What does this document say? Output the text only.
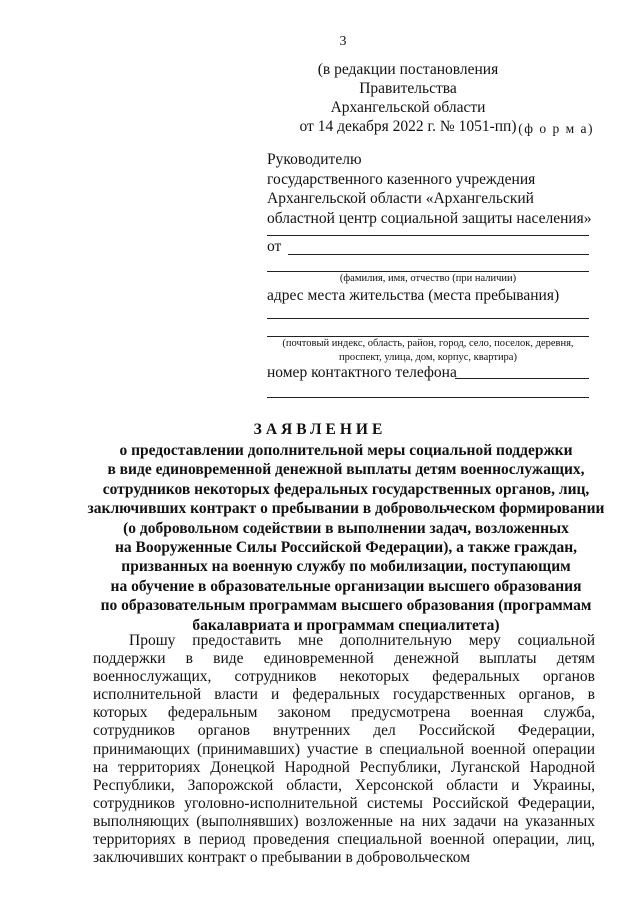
3
(в редакции постановления Правительства
Архангельской области
от 14 декабря 2022 г. № 1051-пп) (ф о р м а)
Руководителю
государственного казенного учреждения
Архангельской области «Архангельский
областной центр социальной защиты населения»
от
(фамилия, имя, отчество (при наличии)
адрес места жительства (места пребывания)
(почтовый индекс, область, район, город, село, поселок, деревня,
проспект, улица, дом, корпус, квартира)
номер контактного телефона
ЗАЯВЛЕНИЕ
о предоставлении дополнительной меры социальной поддержки
в виде единовременной денежной выплаты детям военнослужащих,
сотрудников некоторых федеральных государственных органов, лиц,
заключивших контракт о пребывании в добровольческом формировании
(о добровольном содействии в выполнении задач, возложенных
на Вооруженные Силы Российской Федерации), а также граждан,
призванных на военную службу по мобилизации, поступающим
на обучение в образовательные организации высшего образования
по образовательным программам высшего образования (программам
бакалавриата и программам специалитета)
Прошу предоставить мне дополнительную меру социальной поддержки в виде единовременной денежной выплаты детям военнослужащих, сотрудников некоторых федеральных органов исполнительной власти и федеральных государственных органов, в которых федеральным законом предусмотрена военная служба, сотрудников органов внутренних дел Российской Федерации, принимающих (принимавших) участие в специальной военной операции на территориях Донецкой Народной Республики, Луганской Народной Республики, Запорожской области, Херсонской области и Украины, сотрудников уголовно-исполнительной системы Российской Федерации, выполняющих (выполнявших) возложенные на них задачи на указанных территориях в период проведения специальной военной операции, лиц, заключивших контракт о пребывании в добровольческом
